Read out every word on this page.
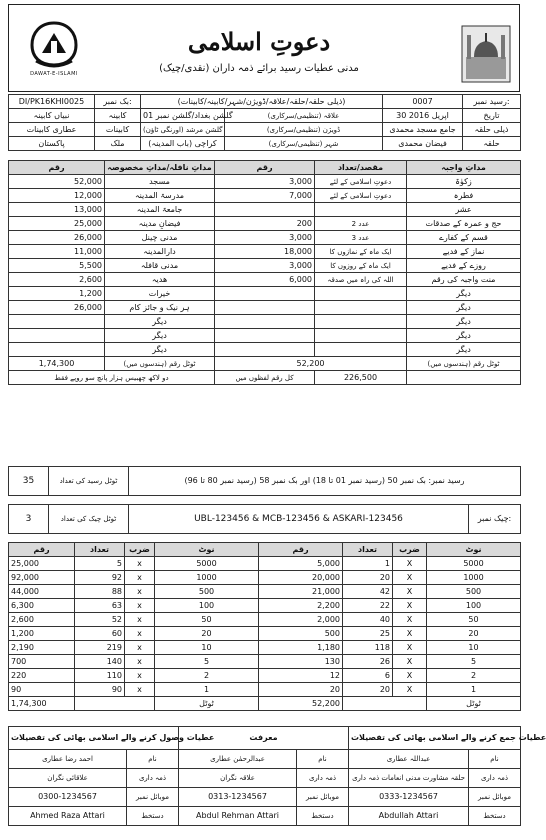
DAWAT-E-ISLAMI
دعوتِ اسلامی
مدنی عطیات رسید برائے ذمہ داران (نقدی/چیک)
DI/PK16KHI0025	بک نمبر:	(ذیلی حلقہ/حلقہ/علاقہ/ڈویژن/شہر/کابینہ/کابینات)		0007	رسید نمبر:
نبیاں کابینہ	کابینہ	گلشن بغداد/گلشن نمبر 01	علاقہ (تنظیمی/سرکاری)	30 اپریل 2016	تاریخ
عطاری کابینات	کابینات	گلشن مرشد (اورنگی ٹاؤن)	ڈویژن (تنظیمی/سرکاری)	جامع مسجد محمدی	ذیلی حلقہ
پاکستان	ملک	کراچی (باب المدینہ)	شہر (تنظیمی/سرکاری)	فیضان محمدی	حلقہ
رقم	مداتِ نافلہ/مداتِ مخصوصہ	رقم	مقصد/تعداد	مداتِ واجبہ
52,000	مسجد	3,000	دعوتِ اسلامی کے لئے	زکوٰۃ
12,000	مدرسۃ المدینہ	7,000	دعوتِ اسلامی کے لئے	فطرہ
13,000	جامعۃ المدینہ			عشر
25,000	فیضانِ مدینہ	200	2 عدد	حج و عمرہ کے صدقات
26,000	مدنی چینل	3,000	3 عدد	قسم کے کفارے
11,000	دارالمدینہ	18,000	ایک ماہ کے نمازوں کا	نماز کے فدیے
5,500	مدنی قافلہ	3,000	ایک ماہ کے روزوں کا	روزے کے فدیے
2,600	ھدیہ	6,000	اللہ کی راہ میں صدقہ	منت واجبہ کی رقم
1,200	خیرات			دیگر
26,000	ہر نیک و جائز کام			دیگر
	دیگر			دیگر
	دیگر			دیگر
	دیگر			دیگر
1,74,300	ٹوٹل رقم (ہندسوں میں)	52,200		ٹوٹل رقم (ہندسوں میں)
دو لاکھ چھبیس ہزار پانچ سو روپے فقط		کل رقم لفظوں میں	226,500	
35	ٹوٹل رسید کی تعداد	رسید نمبر: بک نمبر 50 (رسید نمبر 01 تا 18) اور بک نمبر 58 (رسید نمبر 80 تا 96)
3	ٹوٹل چیک کی تعداد	UBL-123456 & MCB-123456 & ASKARI-123456	چیک نمبر:
رقم	تعداد	ضرب	نوٹ	رقم	تعداد	ضرب	نوٹ
25,000	5	x	5000	5,000	1	X	5000
92,000	92	x	1000	20,000	20	X	1000
44,000	88	x	500	21,000	42	X	500
6,300	63	x	100	2,200	22	X	100
2,600	52	x	50	2,000	40	X	50
1,200	60	x	20	500	25	X	20
2,190	219	x	10	1,180	118	X	10
700	140	x	5	130	26	X	5
220	110	x	2	12	6	X	2
90	90	x	1	20	20	X	1
1,74,300			ٹوٹل	52,200			ٹوٹل
عطیات وصول کرنے والے اسلامی بھائی کی تفصیلات		معرفت		عطیات جمع کرنے والے اسلامی بھائی کی تفصیلات	
احمد رضا عطاری	نام	عبدالرحمٰن عطاری	نام	عبداللہ عطاری	نام
علاقائی نگران	ذمہ داری	علاقہ نگران	ذمہ داری	حلقہ مشاورت مدنی انعامات ذمہ داری	ذمہ داری
0300-1234567	موبائل نمبر	0313-1234567	موبائل نمبر	0333-1234567	موبائل نمبر
Ahmed Raza Attari	دستخط	Abdul Rehman Attari	دستخط	Abdullah Attari	دستخط
